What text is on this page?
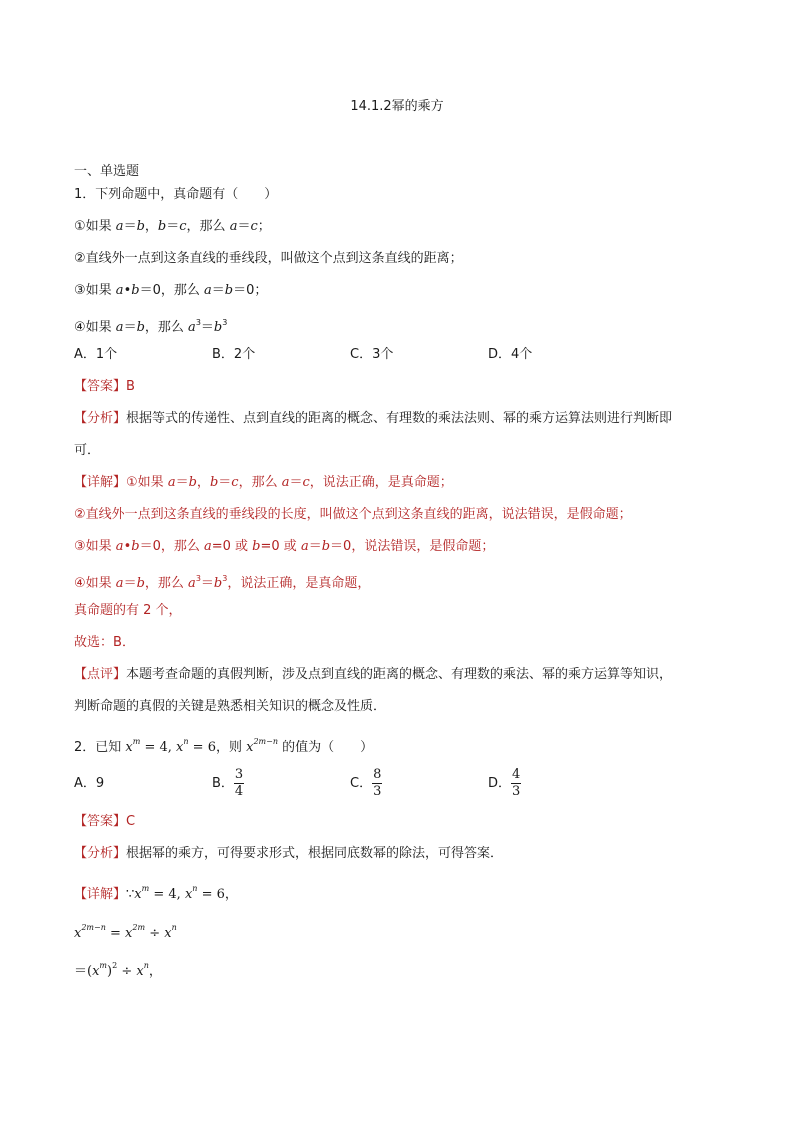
14.1.2幂的乘方
一、单选题
1．下列命题中，真命题有（　　）
①如果 a＝b，b＝c，那么 a＝c；
②直线外一点到这条直线的垂线段，叫做这个点到这条直线的距离；
③如果 a•b＝0，那么 a＝b＝0；
④如果 a＝b，那么 $a^3=b^3$
A．1个	B．2个	C．3个	D．4个
【答案】B
【分析】根据等式的传递性、点到直线的距离的概念、有理数的乘法法则、幂的乘方运算法则进行判断即
可．
【详解】①如果 a＝b，b＝c，那么 a＝c，说法正确，是真命题；
②直线外一点到这条直线的垂线段的长度，叫做这个点到这条直线的距离，说法错误，是假命题；
③如果 a•b＝0，那么 a=0 或 b=0 或 a＝b＝0，说法错误，是假命题；
④如果 a＝b，那么 $a^3=b^3$，说法正确，是真命题，
真命题的有 2 个，
故选：B．
【点评】本题考查命题的真假判断，涉及点到直线的距离的概念、有理数的乘法、幂的乘方运算等知识，
判断命题的真假的关键是熟悉相关知识的概念及性质．
2．已知 $x^m = 4$, $x^n = 6$，则 $x^{2m-n}$ 的值为（　　）
A．9	B． $\frac{3}{4}$	C． $\frac{8}{3}$	D． $\frac{4}{3}$
【答案】C
【分析】根据幂的乘方，可得要求形式，根据同底数幂的除法，可得答案．
【详解】$\because x^m = 4$, $x^n = 6$，
$x^{2m-n} = x^{2m} \div x^n$
$=(x^m)^2 \div x^n$，
